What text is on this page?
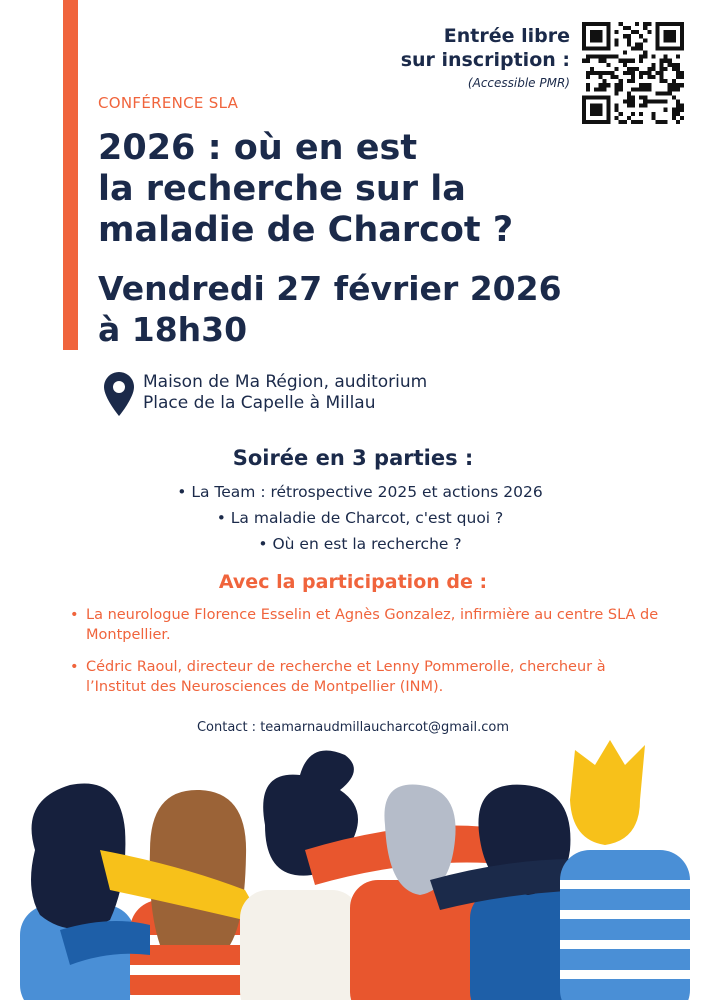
Entrée libre
sur inscription :
(Accessible PMR)
CONFÉRENCE SLA
2026 : où en est
la recherche sur la
maladie de Charcot ?
Vendredi 27 février 2026
à 18h30
Maison de Ma Région, auditorium
Place de la Capelle à Millau
Soirée en 3 parties :
• La Team : rétrospective 2025 et actions 2026
• La maladie de Charcot, c'est quoi ?
• Où en est la recherche ?
Avec la participation de :
• La neurologue Florence Esselin et Agnès Gonzalez, infirmière au centre SLA de Montpellier.
• Cédric Raoul, directeur de recherche et Lenny Pommerolle, chercheur à l’Institut des Neurosciences de Montpellier (INM).
Contact : teamarnaudmillaucharcot@gmail.com
